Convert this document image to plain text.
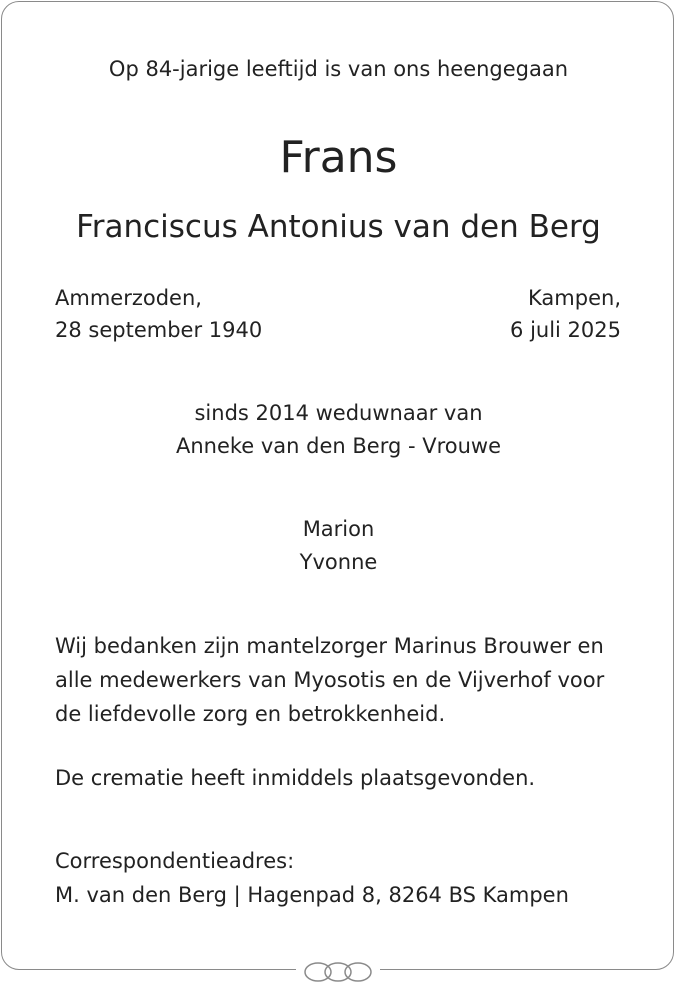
Op 84-jarige leeftijd is van ons heengegaan

Frans

Franciscus Antonius van den Berg

Ammerzoden,

28 september 1940

Kampen,

6 juli 2025

sinds 2014 weduwnaar van

Anneke van den Berg - Vrouwe

Marion

Yvonne

Wij bedanken zijn mantelzorger Marinus Brouwer en

alle medewerkers van Myosotis en de Vijverhof voor

de liefdevolle zorg en betrokkenheid.

De crematie heeft inmiddels plaatsgevonden.

Correspondentieadres:

M. van den Berg | Hagenpad 8, 8264 BS Kampen
